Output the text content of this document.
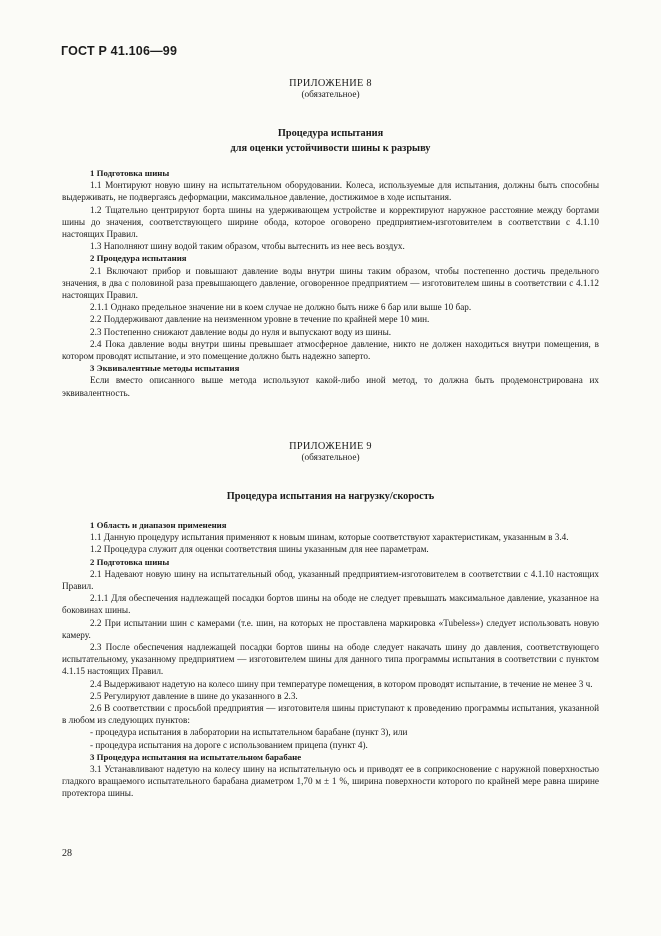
ГОСТ Р 41.106—99
ПРИЛОЖЕНИЕ 8
(обязательное)
Процедура испытания
для оценки устойчивости шины к разрыву

1 Подготовка шины

1.1 Монтируют новую шину на испытательном оборудовании. Колеса, используемые для испытания, должны быть способны выдерживать, не подвергаясь деформации, максимальное давление, достижимое в ходе испытания.

1.2 Тщательно центрируют борта шины на удерживающем устройстве и корректируют наружное расстояние между бортами шины до значения, соответствующего ширине обода, которое оговорено предприятием-изготовителем в соответствии с 4.1.10 настоящих Правил.

1.3 Наполняют шину водой таким образом, чтобы вытеснить из нее весь воздух.

2 Процедура испытания

2.1 Включают прибор и повышают давление воды внутри шины таким образом, чтобы постепенно достичь предельного значения, в два с половиной раза превышающего давление, оговоренное предприятием — изготовителем шины в соответствии с 4.1.12 настоящих Правил.

2.1.1 Однако предельное значение ни в коем случае не должно быть ниже 6 бар или выше 10 бар.

2.2 Поддерживают давление на неизменном уровне в течение по крайней мере 10 мин.

2.3 Постепенно снижают давление воды до нуля и выпускают воду из шины.

2.4 Пока давление воды внутри шины превышает атмосферное давление, никто не должен находиться внутри помещения, в котором проводят испытание, и это помещение должно быть надежно заперто.

3 Эквивалентные методы испытания

Если вместо описанного выше метода используют какой-либо иной метод, то должна быть продемонстрирована их эквивалентность.

ПРИЛОЖЕНИЕ 9
(обязательное)
Процедура испытания на нагрузку/скорость

1 Область и диапазон применения

1.1 Данную процедуру испытания применяют к новым шинам, которые соответствуют характеристикам, указанным в 3.4.

1.2 Процедура служит для оценки соответствия шины указанным для нее параметрам.

2 Подготовка шины

2.1 Надевают новую шину на испытательный обод, указанный предприятием-изготовителем в соответствии с 4.1.10 настоящих Правил.

2.1.1 Для обеспечения надлежащей посадки бортов шины на ободе не следует превышать максимальное давление, указанное на боковинах шины.

2.2 При испытании шин с камерами (т.е. шин, на которых не проставлена маркировка «Tubeless») следует использовать новую камеру.

2.3 После обеспечения надлежащей посадки бортов шины на ободе следует накачать шину до давления, соответствующего испытательному, указанному предприятием — изготовителем шины для данного типа программы испытания в соответствии с пунктом 4.1.15 настоящих Правил.

2.4 Выдерживают надетую на колесо шину при температуре помещения, в котором проводят испытание, в течение не менее 3 ч.

2.5 Регулируют давление в шине до указанного в 2.3.

2.6 В соответствии с просьбой предприятия — изготовителя шины приступают к проведению программы испытания, указанной в любом из следующих пунктов:

- процедура испытания в лаборатории на испытательном барабане (пункт 3), или

- процедура испытания на дороге с использованием прицепа (пункт 4).

3 Процедура испытания на испытательном барабане

3.1 Устанавливают надетую на колесу шину на испытательную ось и приводят ее в соприкосновение с наружной поверхностью гладкого вращаемого испытательного барабана диаметром 1,70 м ± 1 %, ширина поверхности которого по крайней мере равна ширине протектора шины.

28
